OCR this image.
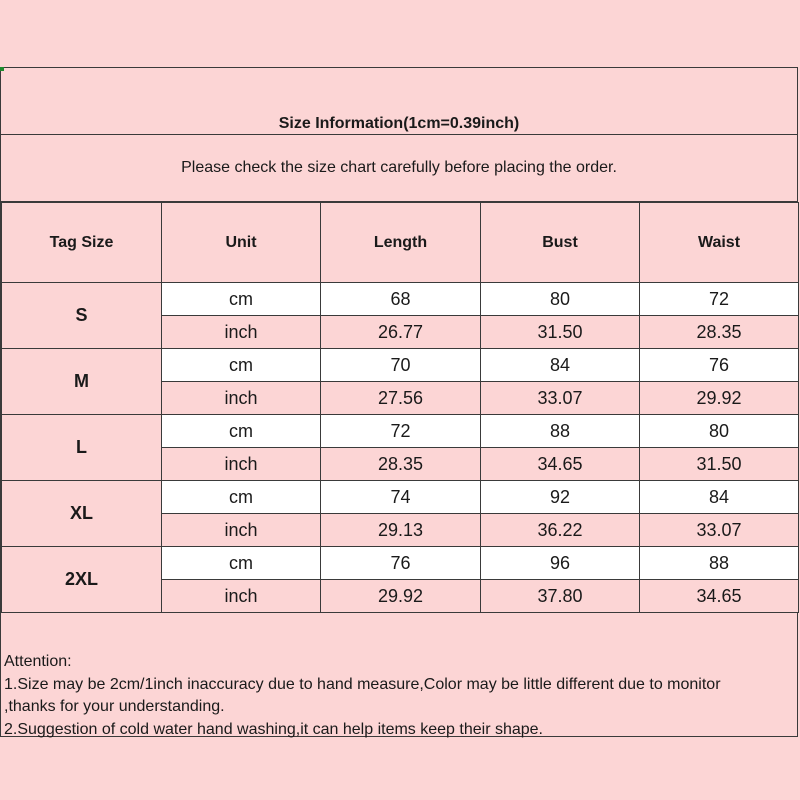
Size Information(1cm=0.39inch)
Please check the size chart carefully before placing the order.
Tag Size	Unit	Length	Bust	Waist
S	cm	68	80	72
	inch	26.77	31.50	28.35
M	cm	70	84	76
	inch	27.56	33.07	29.92
L	cm	72	88	80
	inch	28.35	34.65	31.50
XL	cm	74	92	84
	inch	29.13	36.22	33.07
2XL	cm	76	96	88
	inch	29.92	37.80	34.65
Attention:
1.Size may be 2cm/1inch inaccuracy due to hand measure,Color may be little different due to monitor
,thanks for your understanding.
2.Suggestion of cold water hand washing,it can help items keep their shape.
